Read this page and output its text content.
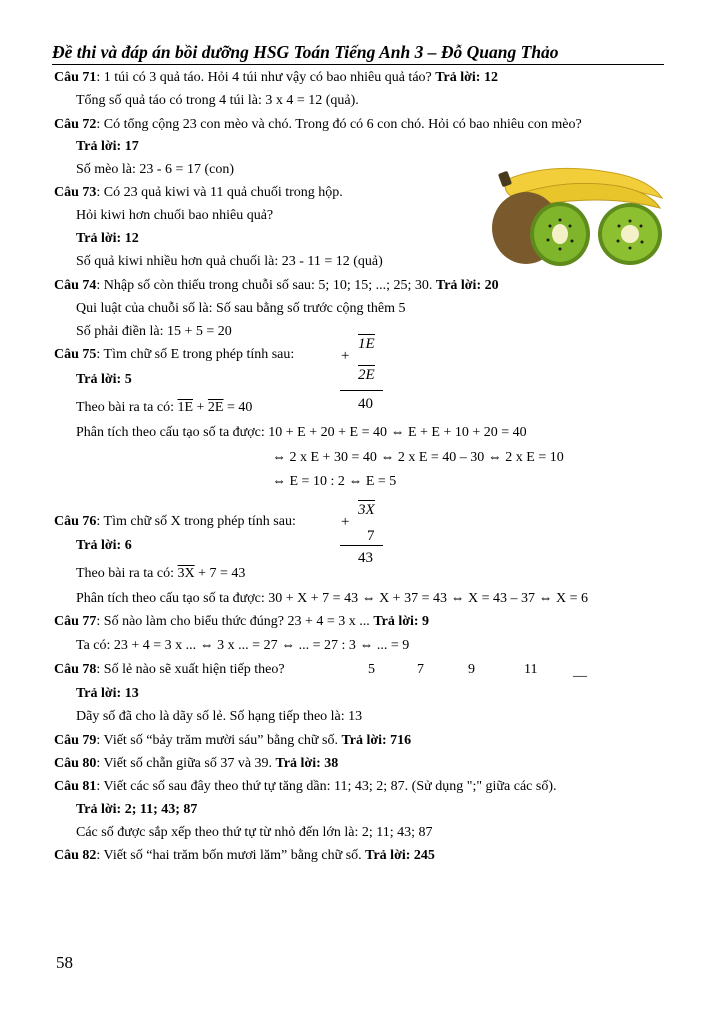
Đề thi và đáp án bồi dưỡng HSG Toán Tiếng Anh 3 – Đỗ Quang Thảo
Câu 71: 1 túi có 3 quả táo. Hỏi 4 túi như vậy có bao nhiêu quả táo? Trả lời: 12
Tổng số quả táo có trong 4 túi là: 3 x 4 = 12 (quả).
Câu 72: Có tổng cộng 23 con mèo và chó. Trong đó có 6 con chó. Hỏi có bao nhiêu con mèo?
Trả lời: 17
Số mèo là: 23 - 6 = 17 (con)
Câu 73: Có 23 quả kiwi và 11 quả chuối trong hộp.
Hỏi kiwi hơn chuối bao nhiêu quả?
Trả lời: 12
Số quả kiwi nhiều hơn quả chuối là: 23 - 11 = 12 (quả)
Câu 74: Nhập số còn thiếu trong chuỗi số sau: 5; 10; 15; ...; 25; 30. Trả lời: 20
Qui luật của chuỗi số là: Số sau bằng số trước cộng thêm 5
Số phải điền là: 15 + 5 = 20
Câu 75: Tìm chữ số E trong phép tính sau:	+
1E
2E
40
Trả lời: 5
Theo bài ra ta có: 1E + 2E = 40
Phân tích theo cấu tạo số ta được: 10 + E + 20 + E = 40 ⇔ E + E + 10 + 20 = 40
⇔ 2 x E + 30 = 40 ⇔ 2 x E = 40 – 30 ⇔ 2 x E = 10
⇔ E = 10 : 2 ⇔ E = 5
Câu 76: Tìm chữ số X trong phép tính sau:	+
3X
7
43
Trả lời: 6
Theo bài ra ta có: 3X + 7 = 43
Phân tích theo cấu tạo số ta được: 30 + X + 7 = 43 ⇔ X + 37 = 43 ⇔ X = 43 – 37 ⇔ X = 6
Câu 77: Số nào làm cho biểu thức đúng? 23 + 4 = 3 x ... Trả lời: 9
Ta có: 23 + 4 = 3 x ... ⇔ 3 x ... = 27 ⇔ ... = 27 : 3 ⇔ ... = 9
Câu 78: Số lẻ nào sẽ xuất hiện tiếp theo?	5	7	9	11	__
Trả lời: 13
Dãy số đã cho là dãy số lẻ. Số hạng tiếp theo là: 13
Câu 79: Viết số “bảy trăm mười sáu” bằng chữ số. Trả lời: 716
Câu 80: Viết số chẵn giữa số 37 và 39. Trả lời: 38
Câu 81: Viết các số sau đây theo thứ tự tăng dần: 11; 43; 2; 87. (Sử dụng ";" giữa các số).
Trả lời: 2; 11; 43; 87
Các số được sắp xếp theo thứ tự từ nhỏ đến lớn là: 2; 11; 43; 87
Câu 82: Viết số “hai trăm bốn mươi lăm” bằng chữ số. Trả lời: 245
58
